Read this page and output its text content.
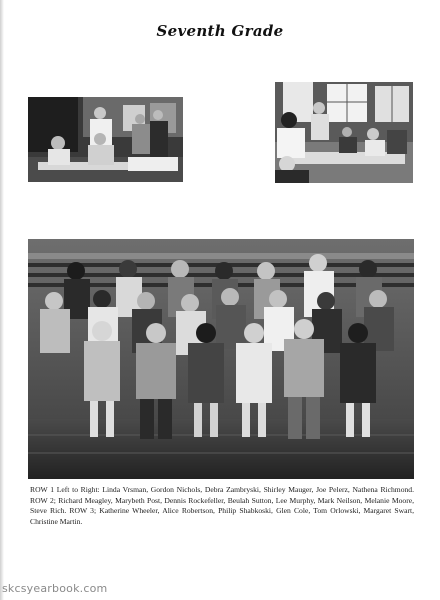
Seventh Grade
ROW 1 Left to Right: Linda Vrsman, Gordon Nichols, Debra Zambryski, Shirley Mauger, Joe Pelerz, Nathena Richmond. ROW 2; Richard Meagley, Marybeth Post, Dennis Rockefeller, Beulah Sutton, Lee Murphy, Mark Neilson, Melanie Moore, Steve Rich. ROW 3; Katherine Wheeler, Alice Robertson, Philip Shabkoski, Glen Cole, Tom Orlowski, Margaret Swart, Christine Martin.
skcsyearbook.com
